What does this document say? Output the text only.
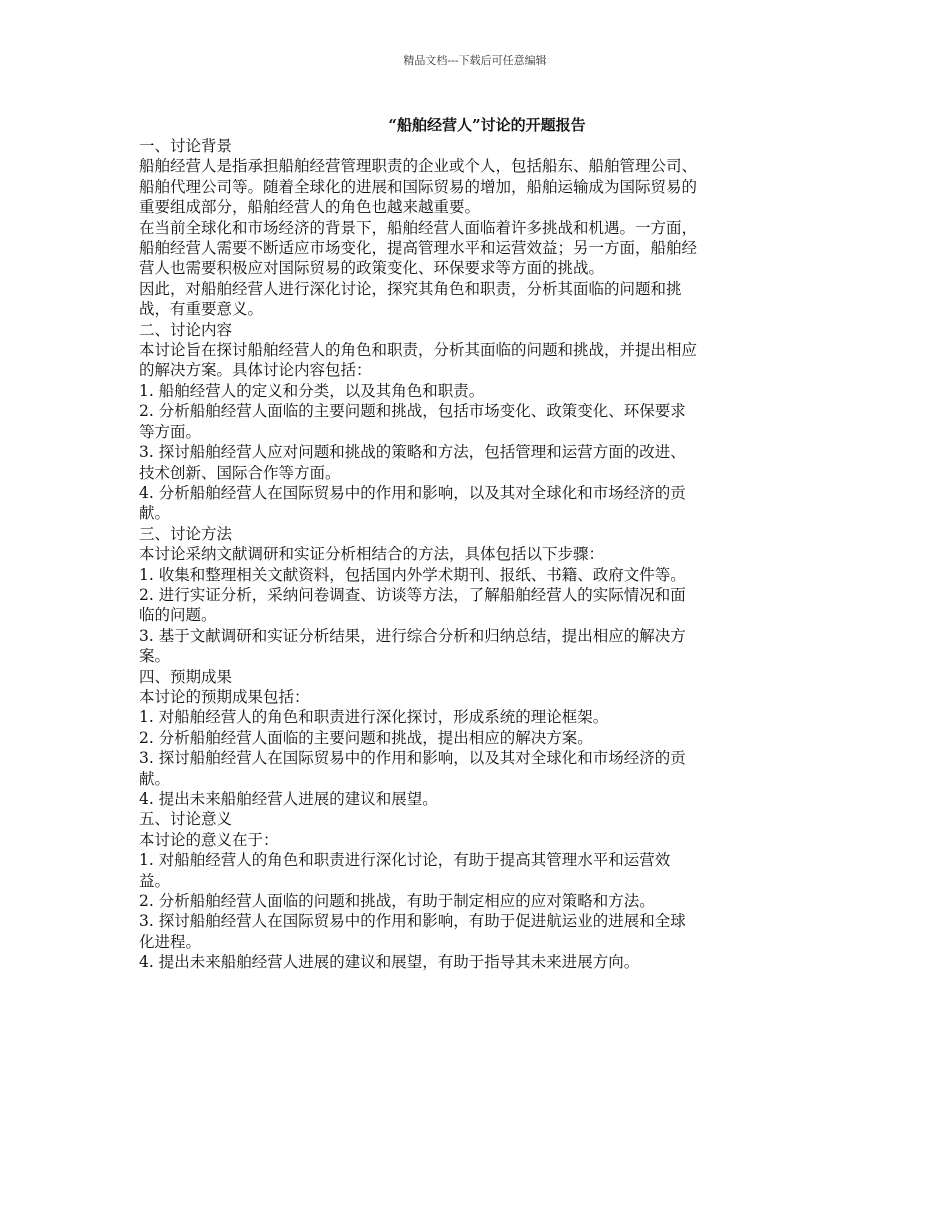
精品文档---下载后可任意编辑
“船舶经营人”讨论的开题报告

一、讨论背景

船舶经营人是指承担船舶经营管理职责的企业或个人，包括船东、船舶管理公司、

船舶代理公司等。随着全球化的进展和国际贸易的增加，船舶运输成为国际贸易的

重要组成部分，船舶经营人的角色也越来越重要。

在当前全球化和市场经济的背景下，船舶经营人面临着许多挑战和机遇。一方面，

船舶经营人需要不断适应市场变化，提高管理水平和运营效益；另一方面，船舶经

营人也需要积极应对国际贸易的政策变化、环保要求等方面的挑战。

因此，对船舶经营人进行深化讨论，探究其角色和职责，分析其面临的问题和挑

战，有重要意义。

二、讨论内容

本讨论旨在探讨船舶经营人的角色和职责，分析其面临的问题和挑战，并提出相应

的解决方案。具体讨论内容包括：

1. 船舶经营人的定义和分类，以及其角色和职责。

2. 分析船舶经营人面临的主要问题和挑战，包括市场变化、政策变化、环保要求

等方面。

3. 探讨船舶经营人应对问题和挑战的策略和方法，包括管理和运营方面的改进、

技术创新、国际合作等方面。

4. 分析船舶经营人在国际贸易中的作用和影响，以及其对全球化和市场经济的贡

献。

三、讨论方法

本讨论采纳文献调研和实证分析相结合的方法，具体包括以下步骤：

1. 收集和整理相关文献资料，包括国内外学术期刊、报纸、书籍、政府文件等。

2. 进行实证分析，采纳问卷调查、访谈等方法，了解船舶经营人的实际情况和面

临的问题。

3. 基于文献调研和实证分析结果，进行综合分析和归纳总结，提出相应的解决方

案。

四、预期成果

本讨论的预期成果包括：

1. 对船舶经营人的角色和职责进行深化探讨，形成系统的理论框架。

2. 分析船舶经营人面临的主要问题和挑战，提出相应的解决方案。

3. 探讨船舶经营人在国际贸易中的作用和影响，以及其对全球化和市场经济的贡

献。

4. 提出未来船舶经营人进展的建议和展望。

五、讨论意义

本讨论的意义在于：

1. 对船舶经营人的角色和职责进行深化讨论，有助于提高其管理水平和运营效

益。

2. 分析船舶经营人面临的问题和挑战，有助于制定相应的应对策略和方法。

3. 探讨船舶经营人在国际贸易中的作用和影响，有助于促进航运业的进展和全球

化进程。

4. 提出未来船舶经营人进展的建议和展望，有助于指导其未来进展方向。
